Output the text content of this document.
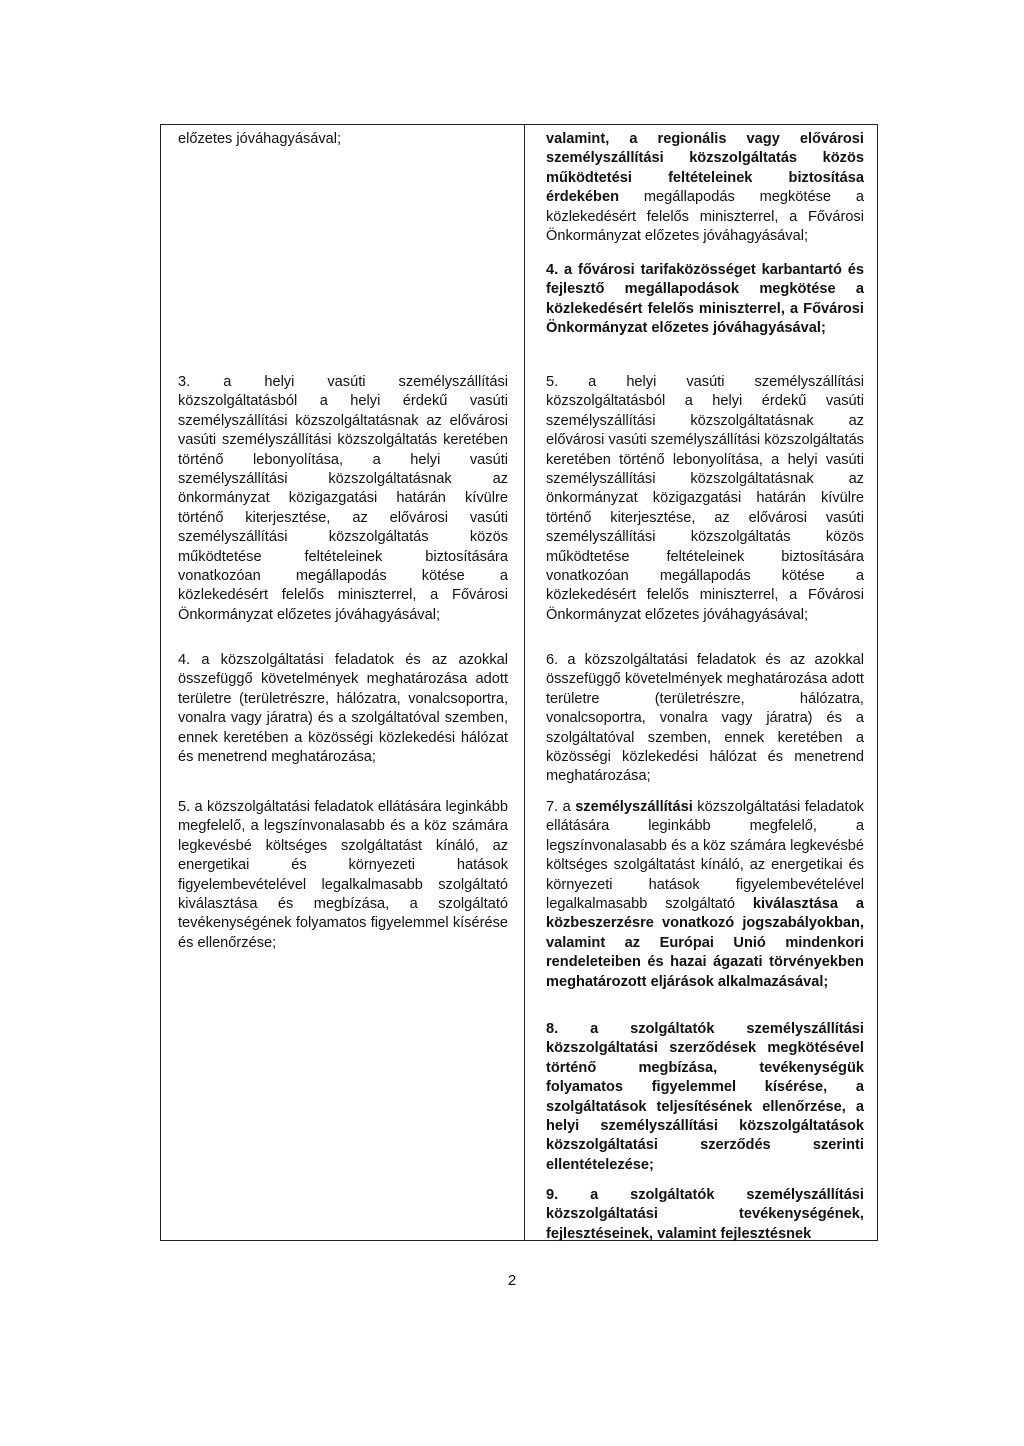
előzetes jóváhagyásával;

3. a helyi vasúti személyszállítási közszolgáltatásból a helyi érdekű vasúti személyszállítási közszolgáltatásnak az elővárosi vasúti személyszállítási közszolgáltatás keretében történő lebonyolítása, a helyi vasúti személyszállítási közszolgáltatásnak az önkormányzat közigazgatási határán kívülre történő kiterjesztése, az elővárosi vasúti személyszállítási közszolgáltatás közös működtetése feltételeinek biztosítására vonatkozóan megállapodás kötése a közlekedésért felelős miniszterrel, a Fővárosi Önkormányzat előzetes jóváhagyásával;

4. a közszolgáltatási feladatok és az azokkal összefüggő követelmények meghatározása adott területre (területrészre, hálózatra, vonalcsoportra, vonalra vagy járatra) és a szolgáltatóval szemben, ennek keretében a közösségi közlekedési hálózat és menetrend meghatározása;

5. a közszolgáltatási feladatok ellátására leginkább megfelelő, a legszínvonalasabb és a köz számára legkevésbé költséges szolgáltatást kínáló, az energetikai és környezeti hatások figyelembevételével legalkalmasabb szolgáltató kiválasztása és megbízása, a szolgáltató tevékenységének folyamatos figyelemmel kísérése és ellenőrzése;

valamint, a regionális vagy elővárosi személyszállítási közszolgáltatás közös működtetési feltételeinek biztosítása érdekében megállapodás megkötése a közlekedésért felelős miniszterrel, a Fővárosi Önkormányzat előzetes jóváhagyásával;

4. a fővárosi tarifaközösséget karbantartó és fejlesztő megállapodások megkötése a közlekedésért felelős miniszterrel, a Fővárosi Önkormányzat előzetes jóváhagyásával;

5. a helyi vasúti személyszállítási közszolgáltatásból a helyi érdekű vasúti személyszállítási közszolgáltatásnak az elővárosi vasúti személyszállítási közszolgáltatás keretében történő lebonyolítása, a helyi vasúti személyszállítási közszolgáltatásnak az önkormányzat közigazgatási határán kívülre történő kiterjesztése, az elővárosi vasúti személyszállítási közszolgáltatás közös működtetése feltételeinek biztosítására vonatkozóan megállapodás kötése a közlekedésért felelős miniszterrel, a Fővárosi Önkormányzat előzetes jóváhagyásával;

6. a közszolgáltatási feladatok és az azokkal összefüggő követelmények meghatározása adott területre (területrészre, hálózatra, vonalcsoportra, vonalra vagy járatra) és a szolgáltatóval szemben, ennek keretében a közösségi közlekedési hálózat és menetrend meghatározása;

7. a személyszállítási közszolgáltatási feladatok ellátására leginkább megfelelő, a legszínvonalasabb és a köz számára legkevésbé költséges szolgáltatást kínáló, az energetikai és környezeti hatások figyelembevételével legalkalmasabb szolgáltató kiválasztása a közbeszerzésre vonatkozó jogszabályokban, valamint az Európai Unió mindenkori rendeleteiben és hazai ágazati törvényekben meghatározott eljárások alkalmazásával;

8. a szolgáltatók személyszállítási közszolgáltatási szerződések megkötésével történő megbízása, tevékenységük folyamatos figyelemmel kísérése, a szolgáltatások teljesítésének ellenőrzése, a helyi személyszállítási közszolgáltatások közszolgáltatási szerződés szerinti ellentételezése;

9. a szolgáltatók személyszállítási közszolgáltatási tevékenységének, fejlesztéseinek, valamint fejlesztésnek

2
